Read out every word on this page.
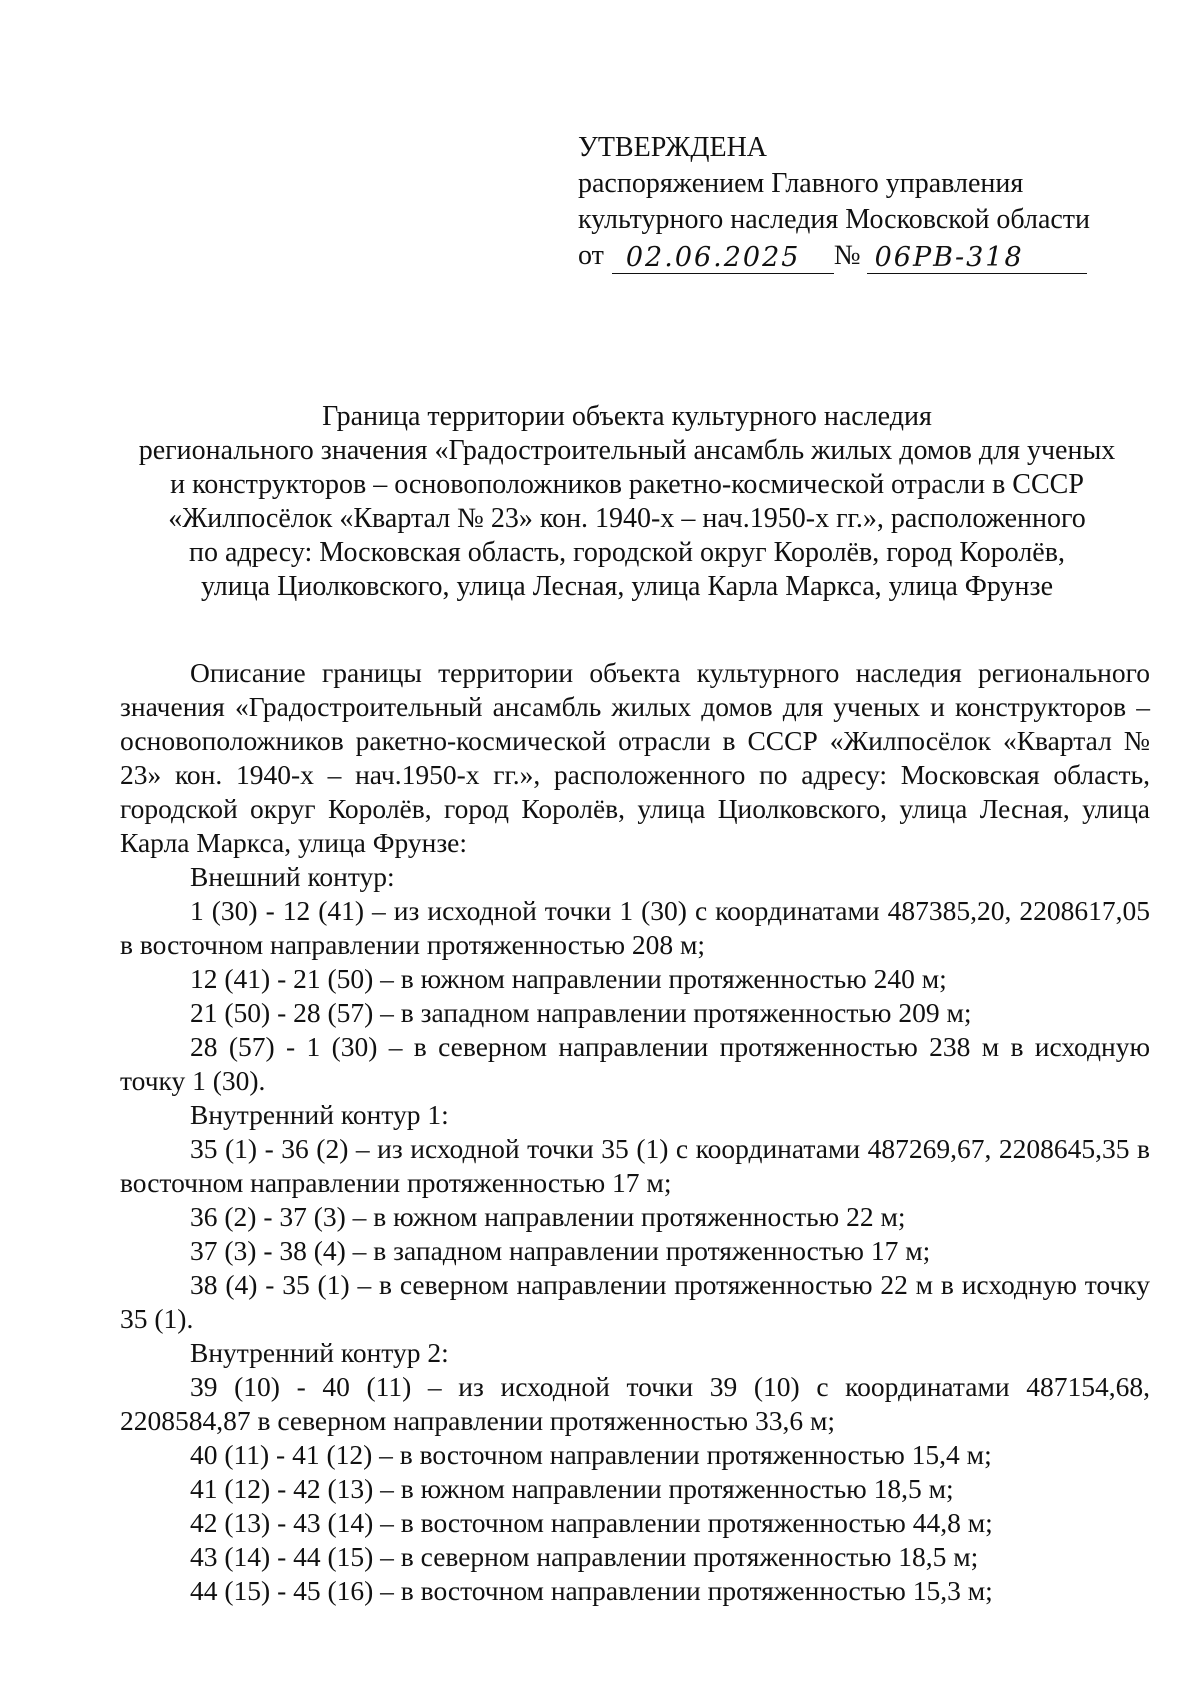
УТВЕРЖДЕНА
распоряжением Главного управления
культурного наследия Московской области
от 02.06.2025 № 06РВ-318
Граница территории объекта культурного наследия
регионального значения «Градостроительный ансамбль жилых домов для ученых
и конструкторов – основоположников ракетно-космической отрасли в СССР
«Жилпосёлок «Квартал № 23» кон. 1940-х – нач.1950-х гг.», расположенного
по адресу: Московская область, городской округ Королёв, город Королёв,
улица Циолковского, улица Лесная, улица Карла Маркса, улица Фрунзе

Описание границы территории объекта культурного наследия регионального значения «Градостроительный ансамбль жилых домов для ученых и конструкторов – основоположников ракетно-космической отрасли в СССР «Жилпосёлок «Квартал № 23» кон. 1940-х – нач.1950-х гг.», расположенного по адресу: Московская область, городской округ Королёв, город Королёв, улица Циолковского, улица Лесная, улица Карла Маркса, улица Фрунзе:

Внешний контур:

1 (30) - 12 (41) – из исходной точки 1 (30) с координатами 487385,20, 2208617,05 в восточном направлении протяженностью 208 м;

12 (41) - 21 (50) – в южном направлении протяженностью 240 м;

21 (50) - 28 (57) – в западном направлении протяженностью 209 м;

28 (57) - 1 (30) – в северном направлении протяженностью 238 м в исходную точку 1 (30).

Внутренний контур 1:

35 (1) - 36 (2) – из исходной точки 35 (1) с координатами 487269,67, 2208645,35 в восточном направлении протяженностью 17 м;

36 (2) - 37 (3) – в южном направлении протяженностью 22 м;

37 (3) - 38 (4) – в западном направлении протяженностью 17 м;

38 (4) - 35 (1) – в северном направлении протяженностью 22 м в исходную точку 35 (1).

Внутренний контур 2:

39 (10) - 40 (11) – из исходной точки 39 (10) с координатами 487154,68, 2208584,87 в северном направлении протяженностью 33,6 м;

40 (11) - 41 (12) – в восточном направлении протяженностью 15,4 м;

41 (12) - 42 (13) – в южном направлении протяженностью 18,5 м;

42 (13) - 43 (14) – в восточном направлении протяженностью 44,8 м;

43 (14) - 44 (15) – в северном направлении протяженностью 18,5 м;

44 (15) - 45 (16) – в восточном направлении протяженностью 15,3 м;
